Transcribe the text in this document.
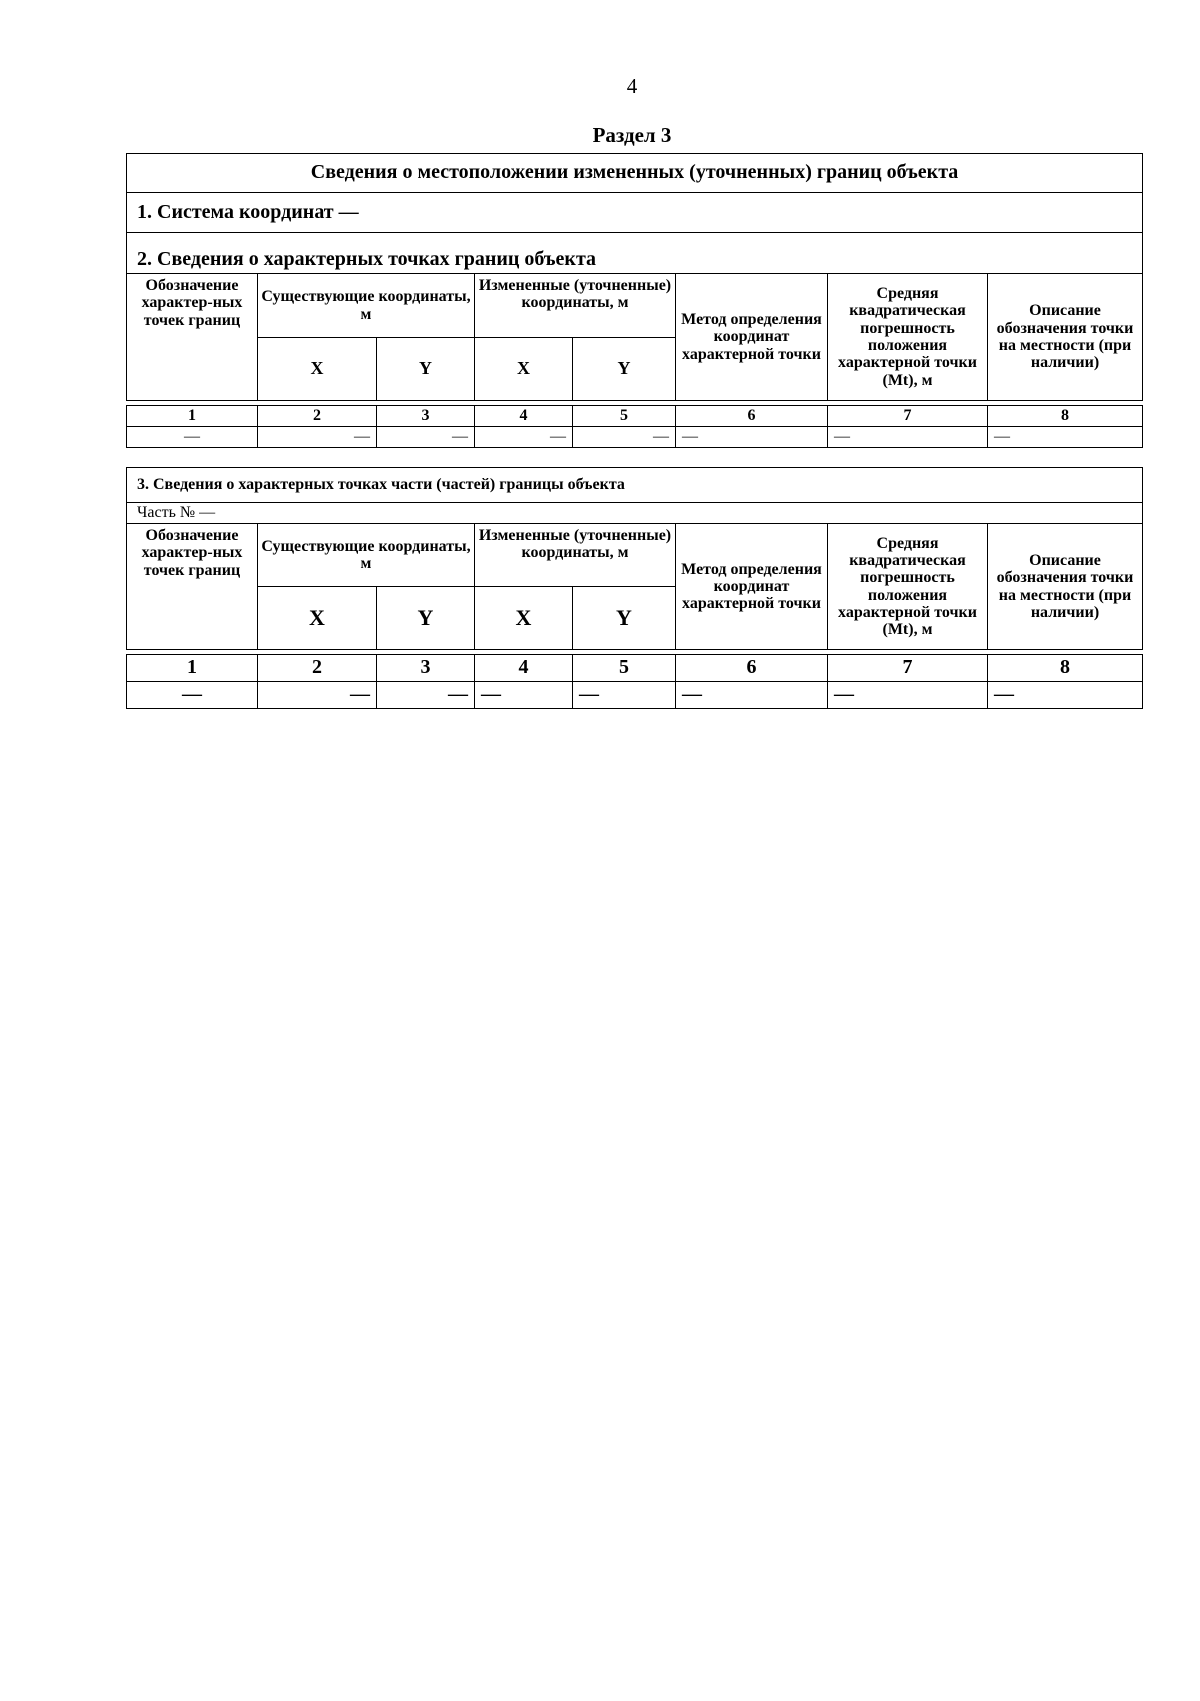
4
Раздел 3
Сведения о местоположении измененных (уточненных) границ объекта							
1. Система координат —							
2. Сведения о характерных точках границ объекта							
Обозначение характер-ных точек границ	Существующие координаты, м		Измененные (уточненные) координаты, м		Метод определения координат характерной точки	Средняя квадратическая погрешность положения характерной точки (Mt), м	Описание обозначения точки на местности (при наличии)
	X	Y	X	Y			

1	2	3	4	5	6	7	8
—	—	—	—	—	—	—	—
3. Сведения о характерных точках части (частей) границы объекта							
Часть № —							
Обозначение характер-ных точек границ	Существующие координаты, м		Измененные (уточненные) координаты, м		Метод определения координат характерной точки	Средняя квадратическая погрешность положения характерной точки (Mt), м	Описание обозначения точки на местности (при наличии)
	X	Y	X	Y			

1	2	3	4	5	6	7	8
—	—	—	—	—	—	—	—
